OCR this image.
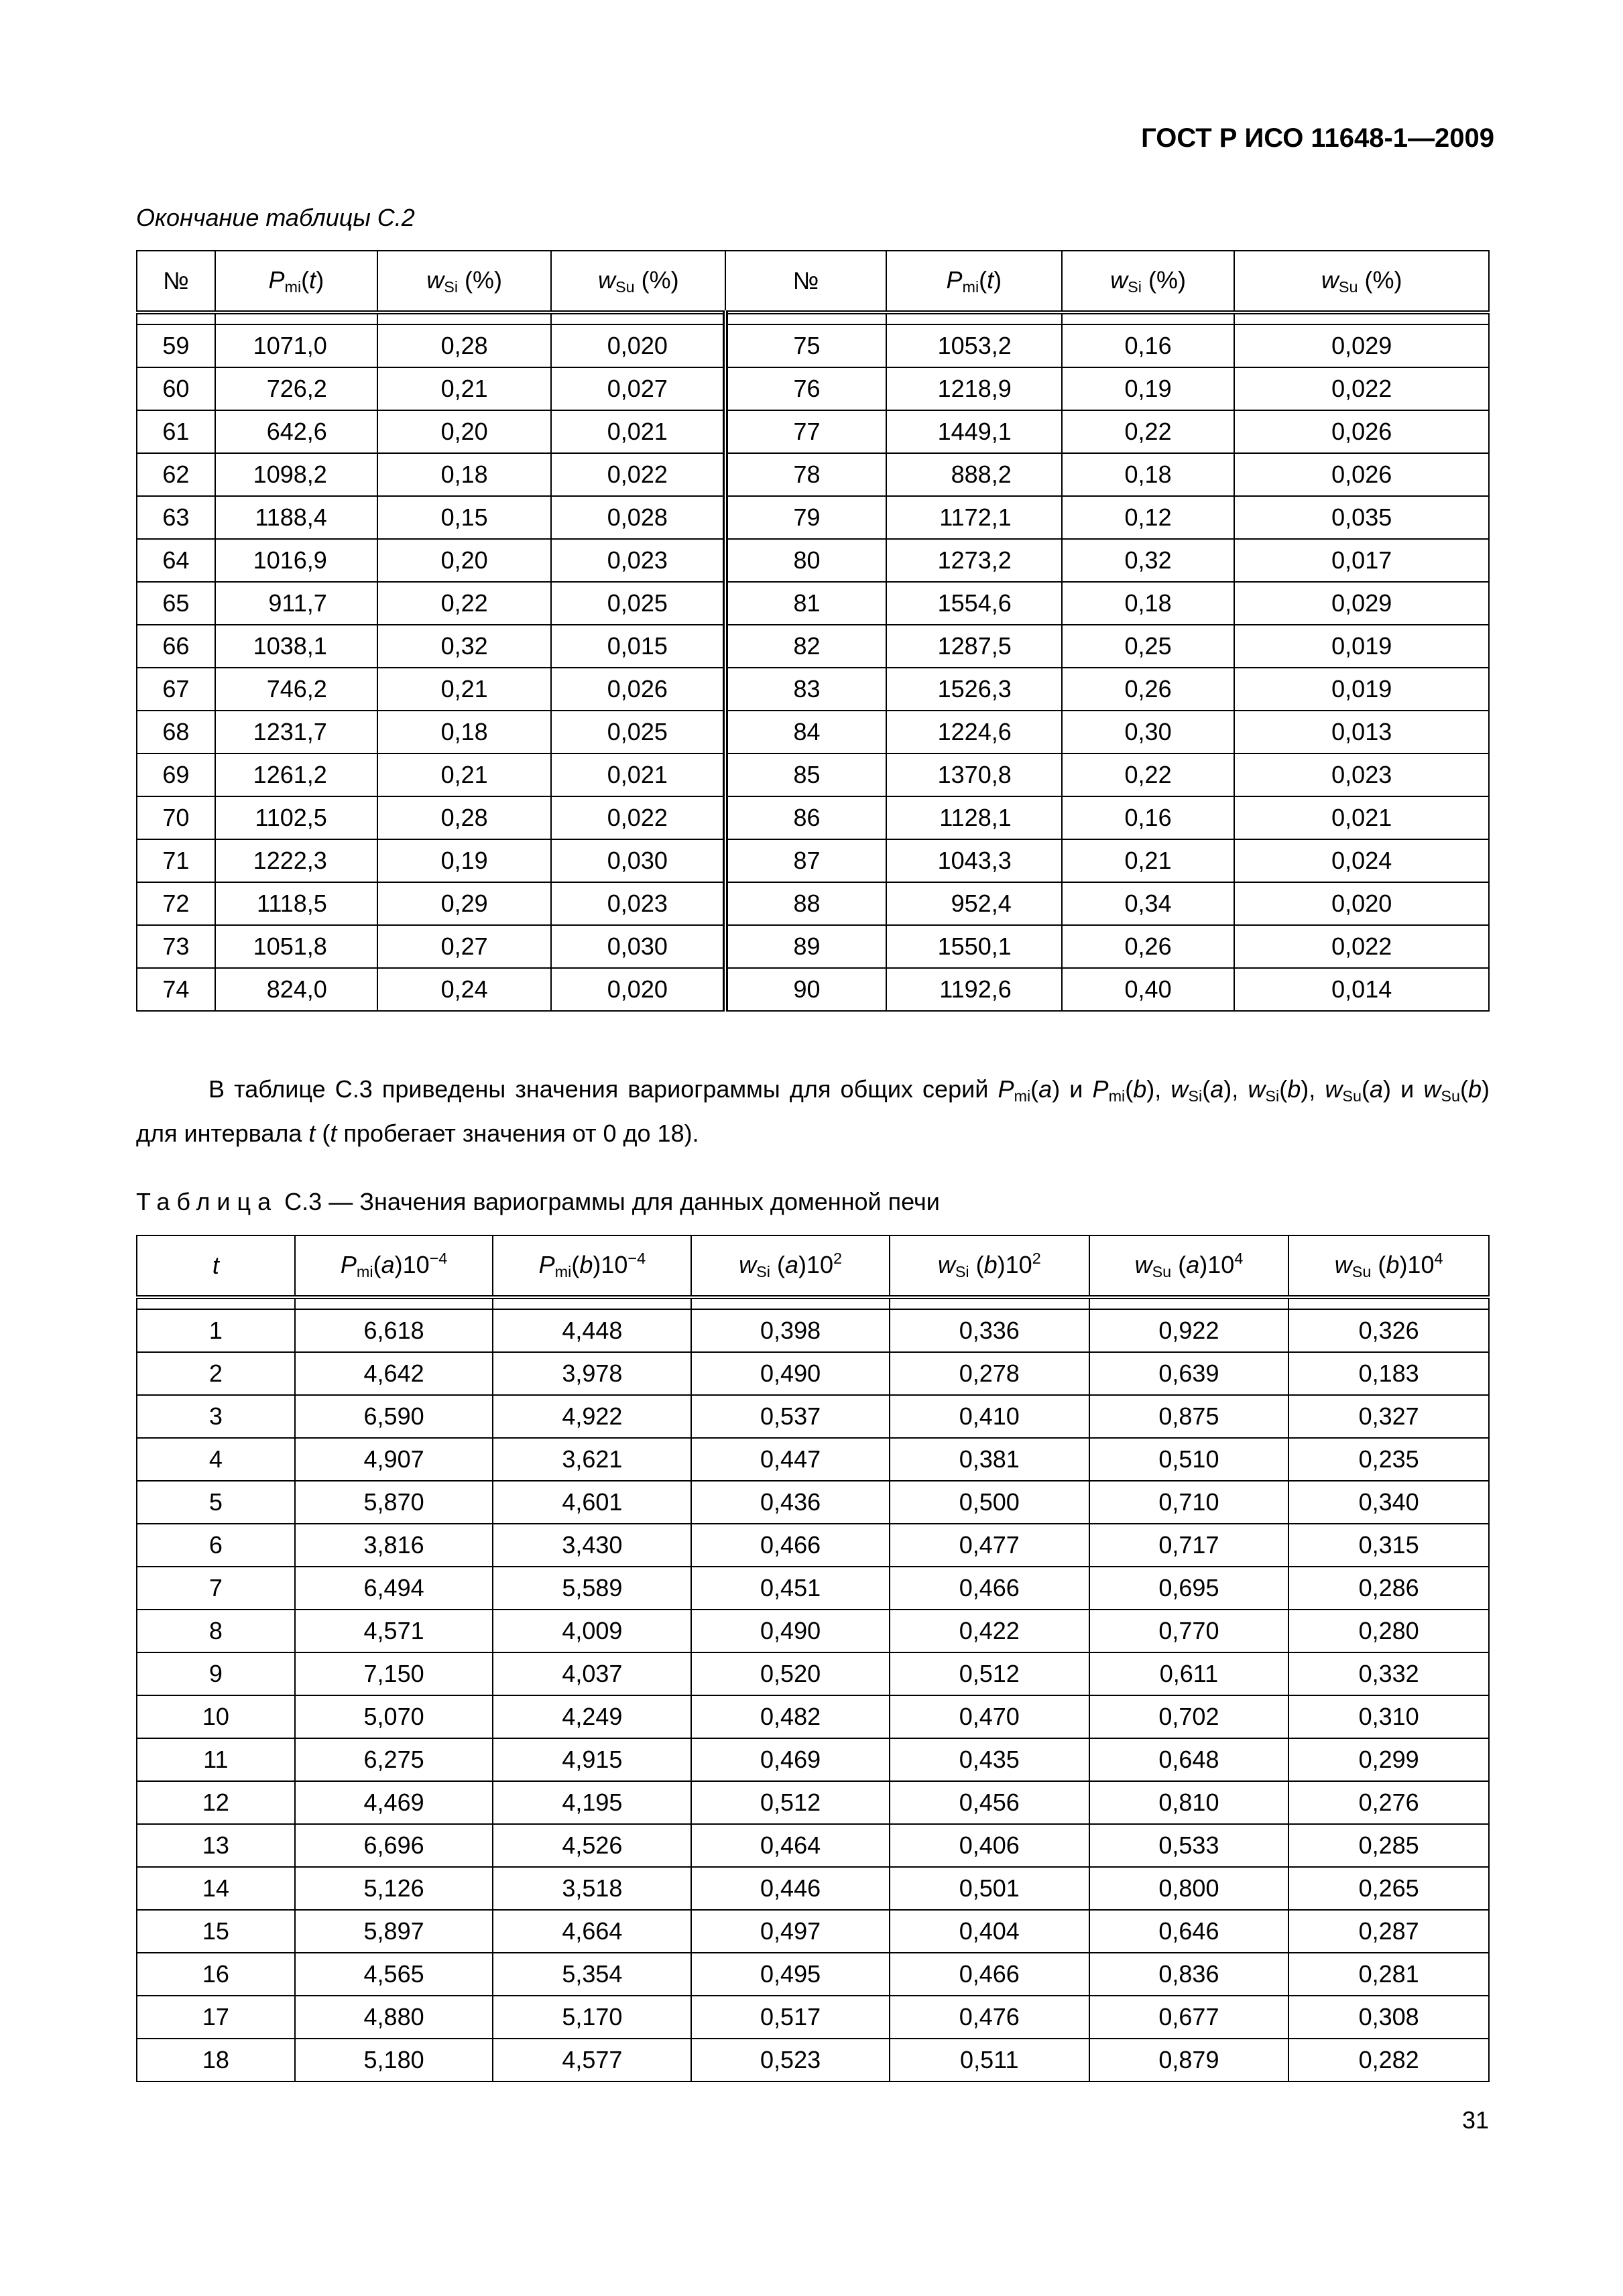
ГОСТ Р ИСО 11648-1—2009
Окончание таблицы С.2
№	$P_{mi}(t)$	$w_{Si}$ (%)	$w_{Su}$ (%)	№	$P_{mi}(t)$	$w_{Si}$ (%)	$w_{Su}$ (%)

59	1071,0	0,28	0,020	75	1053,2	0,16	0,029
60	726,2	0,21	0,027	76	1218,9	0,19	0,022
61	642,6	0,20	0,021	77	1449,1	0,22	0,026
62	1098,2	0,18	0,022	78	888,2	0,18	0,026
63	1188,4	0,15	0,028	79	1172,1	0,12	0,035
64	1016,9	0,20	0,023	80	1273,2	0,32	0,017
65	911,7	0,22	0,025	81	1554,6	0,18	0,029
66	1038,1	0,32	0,015	82	1287,5	0,25	0,019
67	746,2	0,21	0,026	83	1526,3	0,26	0,019
68	1231,7	0,18	0,025	84	1224,6	0,30	0,013
69	1261,2	0,21	0,021	85	1370,8	0,22	0,023
70	1102,5	0,28	0,022	86	1128,1	0,16	0,021
71	1222,3	0,19	0,030	87	1043,3	0,21	0,024
72	1118,5	0,29	0,023	88	952,4	0,34	0,020
73	1051,8	0,27	0,030	89	1550,1	0,26	0,022
74	824,0	0,24	0,020	90	1192,6	0,40	0,014
В таблице С.3 приведены значения вариограммы для общих серий $P_{mi}(a)$ и $P_{mi}(b)$, $w_{Si}(a)$, $w_{Si}(b)$, $w_{Su}(a)$ и $w_{Su}(b)$ для интервала t (t пробегает значения от 0 до 18).
Таблица С.3 — Значения вариограммы для данных доменной печи
t	$P_{mi}(a)10^{-4}$	$P_{mi}(b)10^{-4}$	$w_{Si}$ $(a)10^2$	$w_{Si}$ $(b)10^2$	$w_{Su}$ $(a)10^4$	$w_{Su}$ $(b)10^4$

1	6,618	4,448	0,398	0,336	0,922	0,326
2	4,642	3,978	0,490	0,278	0,639	0,183
3	6,590	4,922	0,537	0,410	0,875	0,327
4	4,907	3,621	0,447	0,381	0,510	0,235
5	5,870	4,601	0,436	0,500	0,710	0,340
6	3,816	3,430	0,466	0,477	0,717	0,315
7	6,494	5,589	0,451	0,466	0,695	0,286
8	4,571	4,009	0,490	0,422	0,770	0,280
9	7,150	4,037	0,520	0,512	0,611	0,332
10	5,070	4,249	0,482	0,470	0,702	0,310
11	6,275	4,915	0,469	0,435	0,648	0,299
12	4,469	4,195	0,512	0,456	0,810	0,276
13	6,696	4,526	0,464	0,406	0,533	0,285
14	5,126	3,518	0,446	0,501	0,800	0,265
15	5,897	4,664	0,497	0,404	0,646	0,287
16	4,565	5,354	0,495	0,466	0,836	0,281
17	4,880	5,170	0,517	0,476	0,677	0,308
18	5,180	4,577	0,523	0,511	0,879	0,282
31
